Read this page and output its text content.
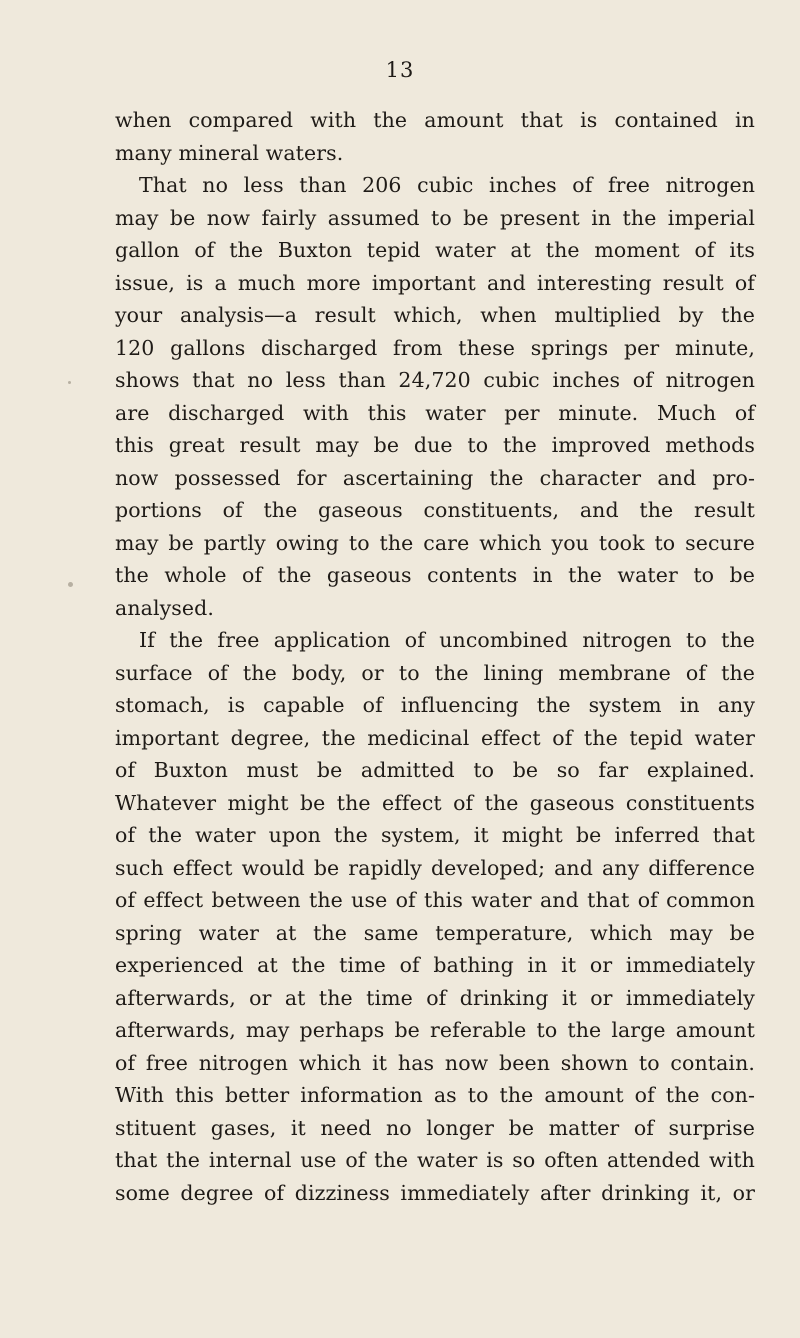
13
when compared with the amount that is contained in
many mineral waters.
That no less than 206 cubic inches of free nitrogen
may be now fairly assumed to be present in the imperial
gallon of the Buxton tepid water at the moment of its
issue, is a much more important and interesting result of
your analysis—a result which, when multiplied by the
120 gallons discharged from these springs per minute,
shows that no less than 24,720 cubic inches of nitrogen
are discharged with this water per minute. Much of
this great result may be due to the improved methods
now possessed for ascertaining the character and pro-
portions of the gaseous constituents, and the result
may be partly owing to the care which you took to secure
the whole of the gaseous contents in the water to be
analysed.
If the free application of uncombined nitrogen to the
surface of the body, or to the lining membrane of the
stomach, is capable of influencing the system in any
important degree, the medicinal effect of the tepid water
of Buxton must be admitted to be so far explained.
Whatever might be the effect of the gaseous constituents
of the water upon the system, it might be inferred that
such effect would be rapidly developed; and any difference
of effect between the use of this water and that of common
spring water at the same temperature, which may be
experienced at the time of bathing in it or immediately
afterwards, or at the time of drinking it or immediately
afterwards, may perhaps be referable to the large amount
of free nitrogen which it has now been shown to contain.
With this better information as to the amount of the con-
stituent gases, it need no longer be matter of surprise
that the internal use of the water is so often attended with
some degree of dizziness immediately after drinking it, or
